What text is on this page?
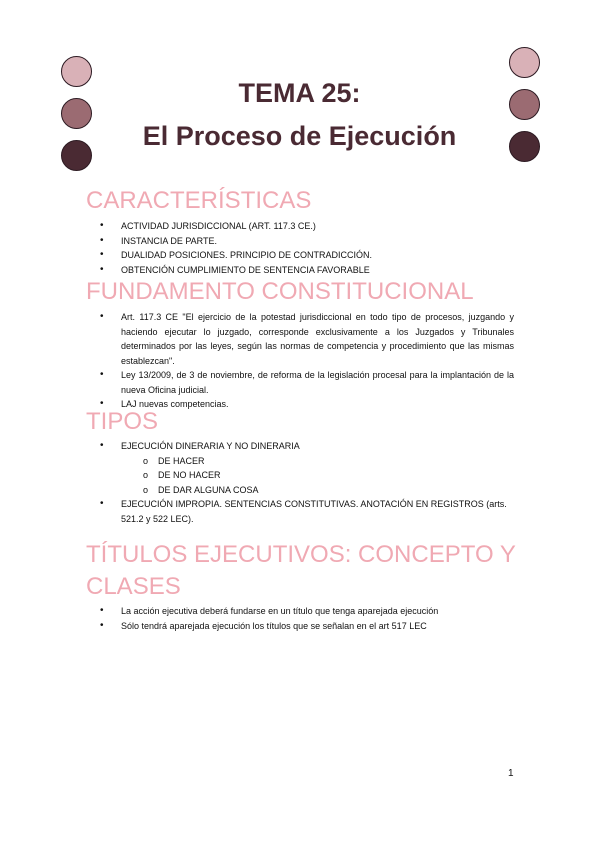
TEMA 25:
El Proceso de Ejecución
CARACTERÍSTICAS
• ACTIVIDAD JURISDICCIONAL (ART. 117.3 CE.)
• INSTANCIA DE PARTE.
• DUALIDAD POSICIONES. PRINCIPIO DE CONTRADICCIÓN.
• OBTENCIÓN CUMPLIMIENTO DE SENTENCIA FAVORABLE
FUNDAMENTO CONSTITUCIONAL
• Art. 117.3 CE "El ejercicio de la potestad jurisdiccional en todo tipo de procesos, juzgando y haciendo ejecutar lo juzgado, corresponde exclusivamente a los Juzgados y Tribunales determinados por las leyes, según las normas de competencia y procedimiento que las mismas establezcan".
• Ley 13/2009, de 3 de noviembre, de reforma de la legislación procesal para la implantación de la nueva Oficina judicial.
• LAJ nuevas competencias.
TIPOS
• EJECUCIÓN DINERARIA Y NO DINERARIA
o DE HACER
o DE NO HACER
o DE DAR ALGUNA COSA
• EJECUCIÓN IMPROPIA. SENTENCIAS CONSTITUTIVAS. ANOTACIÓN EN REGISTROS (arts. 521.2 y 522 LEC).
TÍTULOS EJECUTIVOS: CONCEPTO Y
CLASES
• La acción ejecutiva deberá fundarse en un título que tenga aparejada ejecución
• Sólo tendrá aparejada ejecución los títulos que se señalan en el art 517 LEC
1
